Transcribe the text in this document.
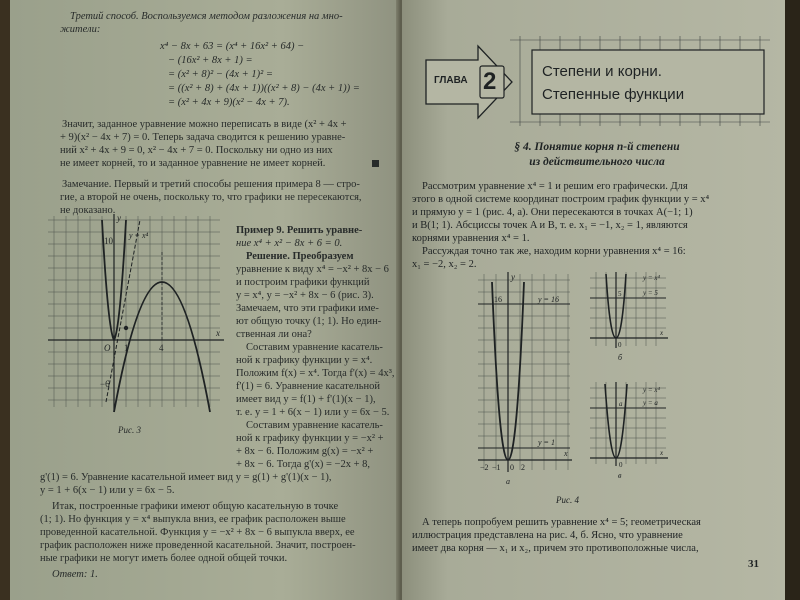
Третий способ. Воспользуемся методом разложения на мно-
жители:
x⁴ − 8x + 63 = (x⁴ + 16x² + 64) −
− (16x² + 8x + 1) =
= (x² + 8)² − (4x + 1)² =
= ((x² + 8) + (4x + 1))((x² + 8) − (4x + 1)) =
= (x² + 4x + 9)(x² − 4x + 7).
Значит, заданное уравнение можно переписать в виде (x² + 4x +
+ 9)(x² − 4x + 7) = 0. Теперь задача сводится к решению уравне-
ний x² + 4x + 9 = 0, x² − 4x + 7 = 0. Поскольку ни одно из них
не имеет корней, то и заданное уравнение не имеет корней.
Замечание. Первый и третий способы решения примера 8 — стро-
гие, а второй не очень, поскольку то, что графики не пересекаются,
не доказано.
y
y = x⁴
10
O 1	4
x
−6
Рис. 3
Пример 9. Решить уравне-
ние x⁴ + x² − 8x + 6 = 0.
Решение. Преобразуем
уравнение к виду x⁴ = −x² + 8x − 6
и построим графики функций
y = x⁴, y = −x² + 8x − 6 (рис. 3).
Замечаем, что эти графики име-
ют общую точку (1; 1). Но един-
ственная ли она?
Составим уравнение касатель-
ной к графику функции y = x⁴.
Положим f(x) = x⁴. Тогда f'(x) = 4x³,
f'(1) = 6. Уравнение касательной
имеет вид y = f(1) + f'(1)(x − 1),
т. е. y = 1 + 6(x − 1) или y = 6x − 5.
Составим уравнение касатель-
ной к графику функции y = −x² +
+ 8x − 6. Положим g(x) = −x² +
+ 8x − 6. Тогда g'(x) = −2x + 8,
g'(1) = 6. Уравнение касательной имеет вид y = g(1) + g'(1)(x − 1),
y = 1 + 6(x − 1) или y = 6x − 5.
Итак, построенные графики имеют общую касательную в точке
(1; 1). Но функция y = x⁴ выпукла вниз, ее график расположен выше
проведенной касательной. Функция y = −x² + 8x − 6 выпукла вверх, ее
график расположен ниже проведенной касательной. Значит, построен-
ные графики не могут иметь более одной общей точки.
Ответ: 1.
ГЛАВА 2	Степени и корни.
Степенные функции
§ 4. Понятие корня n-й степени
из действительного числа
Рассмотрим уравнение x⁴ = 1 и решим его графически. Для
этого в одной системе координат построим график функции y = x⁴
и прямую y = 1 (рис. 4, а). Они пересекаются в точках A(−1; 1)
и B(1; 1). Абсциссы точек A и B, т. е. x₁ = −1, x₂ = 1, являются
корнями уравнения x⁴ = 1.
Рассуждая точно так же, находим корни уравнения x⁴ = 16:
x₁ = −2, x₂ = 2.
y
16	y = 16
y = 1
−2 −1 0 2
x
а
y = x⁴
y = 5
5
0
x
б
y = x⁴
y = a
a
0
x
в
Рис. 4
А теперь попробуем решить уравнение x⁴ = 5; геометрическая
иллюстрация представлена на рис. 4, б. Ясно, что уравнение
имеет два корня — x₁ и x₂, причем это противоположные числа,
31
